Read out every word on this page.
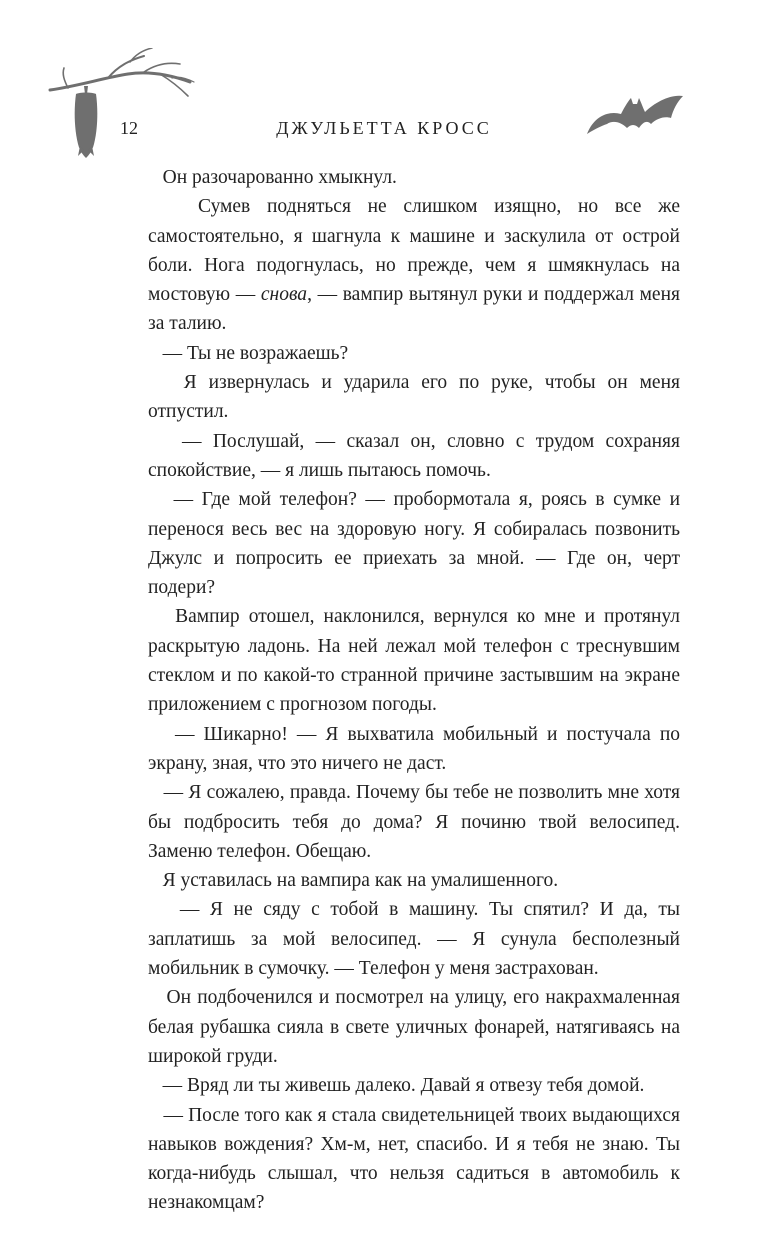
12	ДЖУЛЬЕТТА КРОСС

Он разочарованно хмыкнул.

Сумев подняться не слишком изящно, но все же самостоятельно, я шагнула к машине и заскулила от острой боли. Нога подогнулась, но прежде, чем я шмякнулась на мостовую — снова, — вампир вытянул руки и поддержал меня за талию.

— Ты не возражаешь?

Я извернулась и ударила его по руке, чтобы он меня отпустил.

— Послушай, — сказал он, словно с трудом сохраняя спокойствие, — я лишь пытаюсь помочь.

— Где мой телефон? — пробормотала я, роясь в сумке и перенося весь вес на здоровую ногу. Я собиралась позвонить Джулс и попросить ее приехать за мной. — Где он, черт подери?

Вампир отошел, наклонился, вернулся ко мне и протянул раскрытую ладонь. На ней лежал мой телефон с треснувшим стеклом и по какой-то странной причине застывшим на экране приложением с прогнозом погоды.

— Шикарно! — Я выхватила мобильный и постучала по экрану, зная, что это ничего не даст.

— Я сожалею, правда. Почему бы тебе не позволить мне хотя бы подбросить тебя до дома? Я починю твой велосипед. Заменю телефон. Обещаю.

Я уставилась на вампира как на умалишенного.

— Я не сяду с тобой в машину. Ты спятил? И да, ты заплатишь за мой велосипед. — Я сунула бесполезный мобильник в сумочку. — Телефон у меня застрахован.

Он подбоченился и посмотрел на улицу, его накрахмаленная белая рубашка сияла в свете уличных фонарей, натягиваясь на широкой груди.

— Вряд ли ты живешь далеко. Давай я отвезу тебя домой.

— После того как я стала свидетельницей твоих выдающихся навыков вождения? Хм-м, нет, спасибо. И я тебя не знаю. Ты когда-нибудь слышал, что нельзя садиться в автомобиль к незнакомцам?
